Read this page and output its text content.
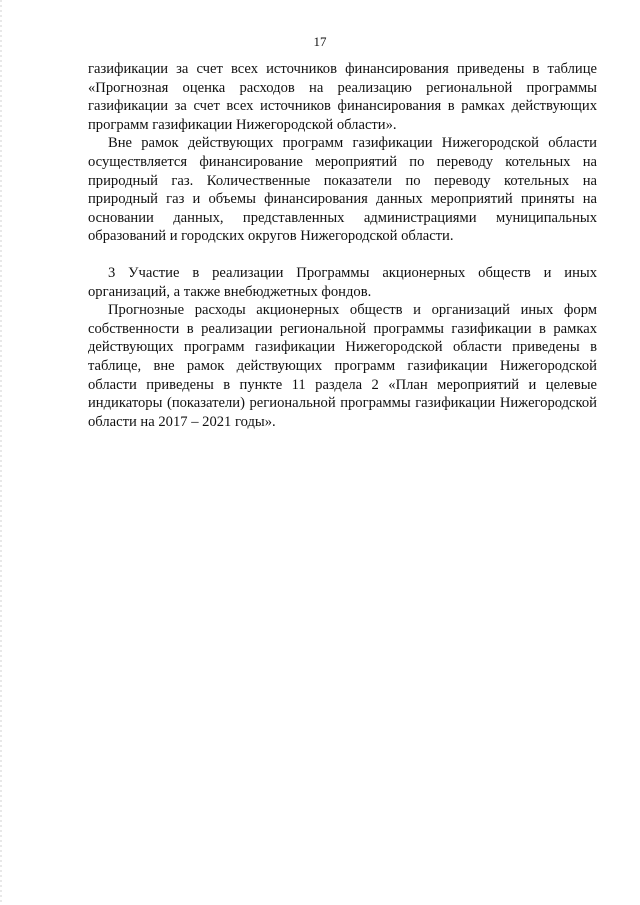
17

газификации за счет всех источников финансирования приведены в таблице «Прогнозная оценка расходов на реализацию региональной программы газификации за счет всех источников финансирования в рамках действующих программ газификации Нижегородской области».

Вне рамок действующих программ газификации Нижегородской области осуществляется финансирование мероприятий по переводу котельных на природный газ. Количественные показатели по переводу котельных на природный газ и объемы финансирования данных мероприятий приняты на основании данных, представленных администрациями муниципальных образований и городских округов Нижегородской области.

3 Участие в реализации Программы акционерных обществ и иных организаций, а также внебюджетных фондов.

Прогнозные расходы акционерных обществ и организаций иных форм собственности в реализации региональной программы газификации в рамках действующих программ газификации Нижегородской области приведены в таблице, вне рамок действующих программ газификации Нижегородской области приведены в пункте 11 раздела 2 «План мероприятий и целевые индикаторы (показатели) региональной программы газификации Нижегородской области на 2017 – 2021 годы».
